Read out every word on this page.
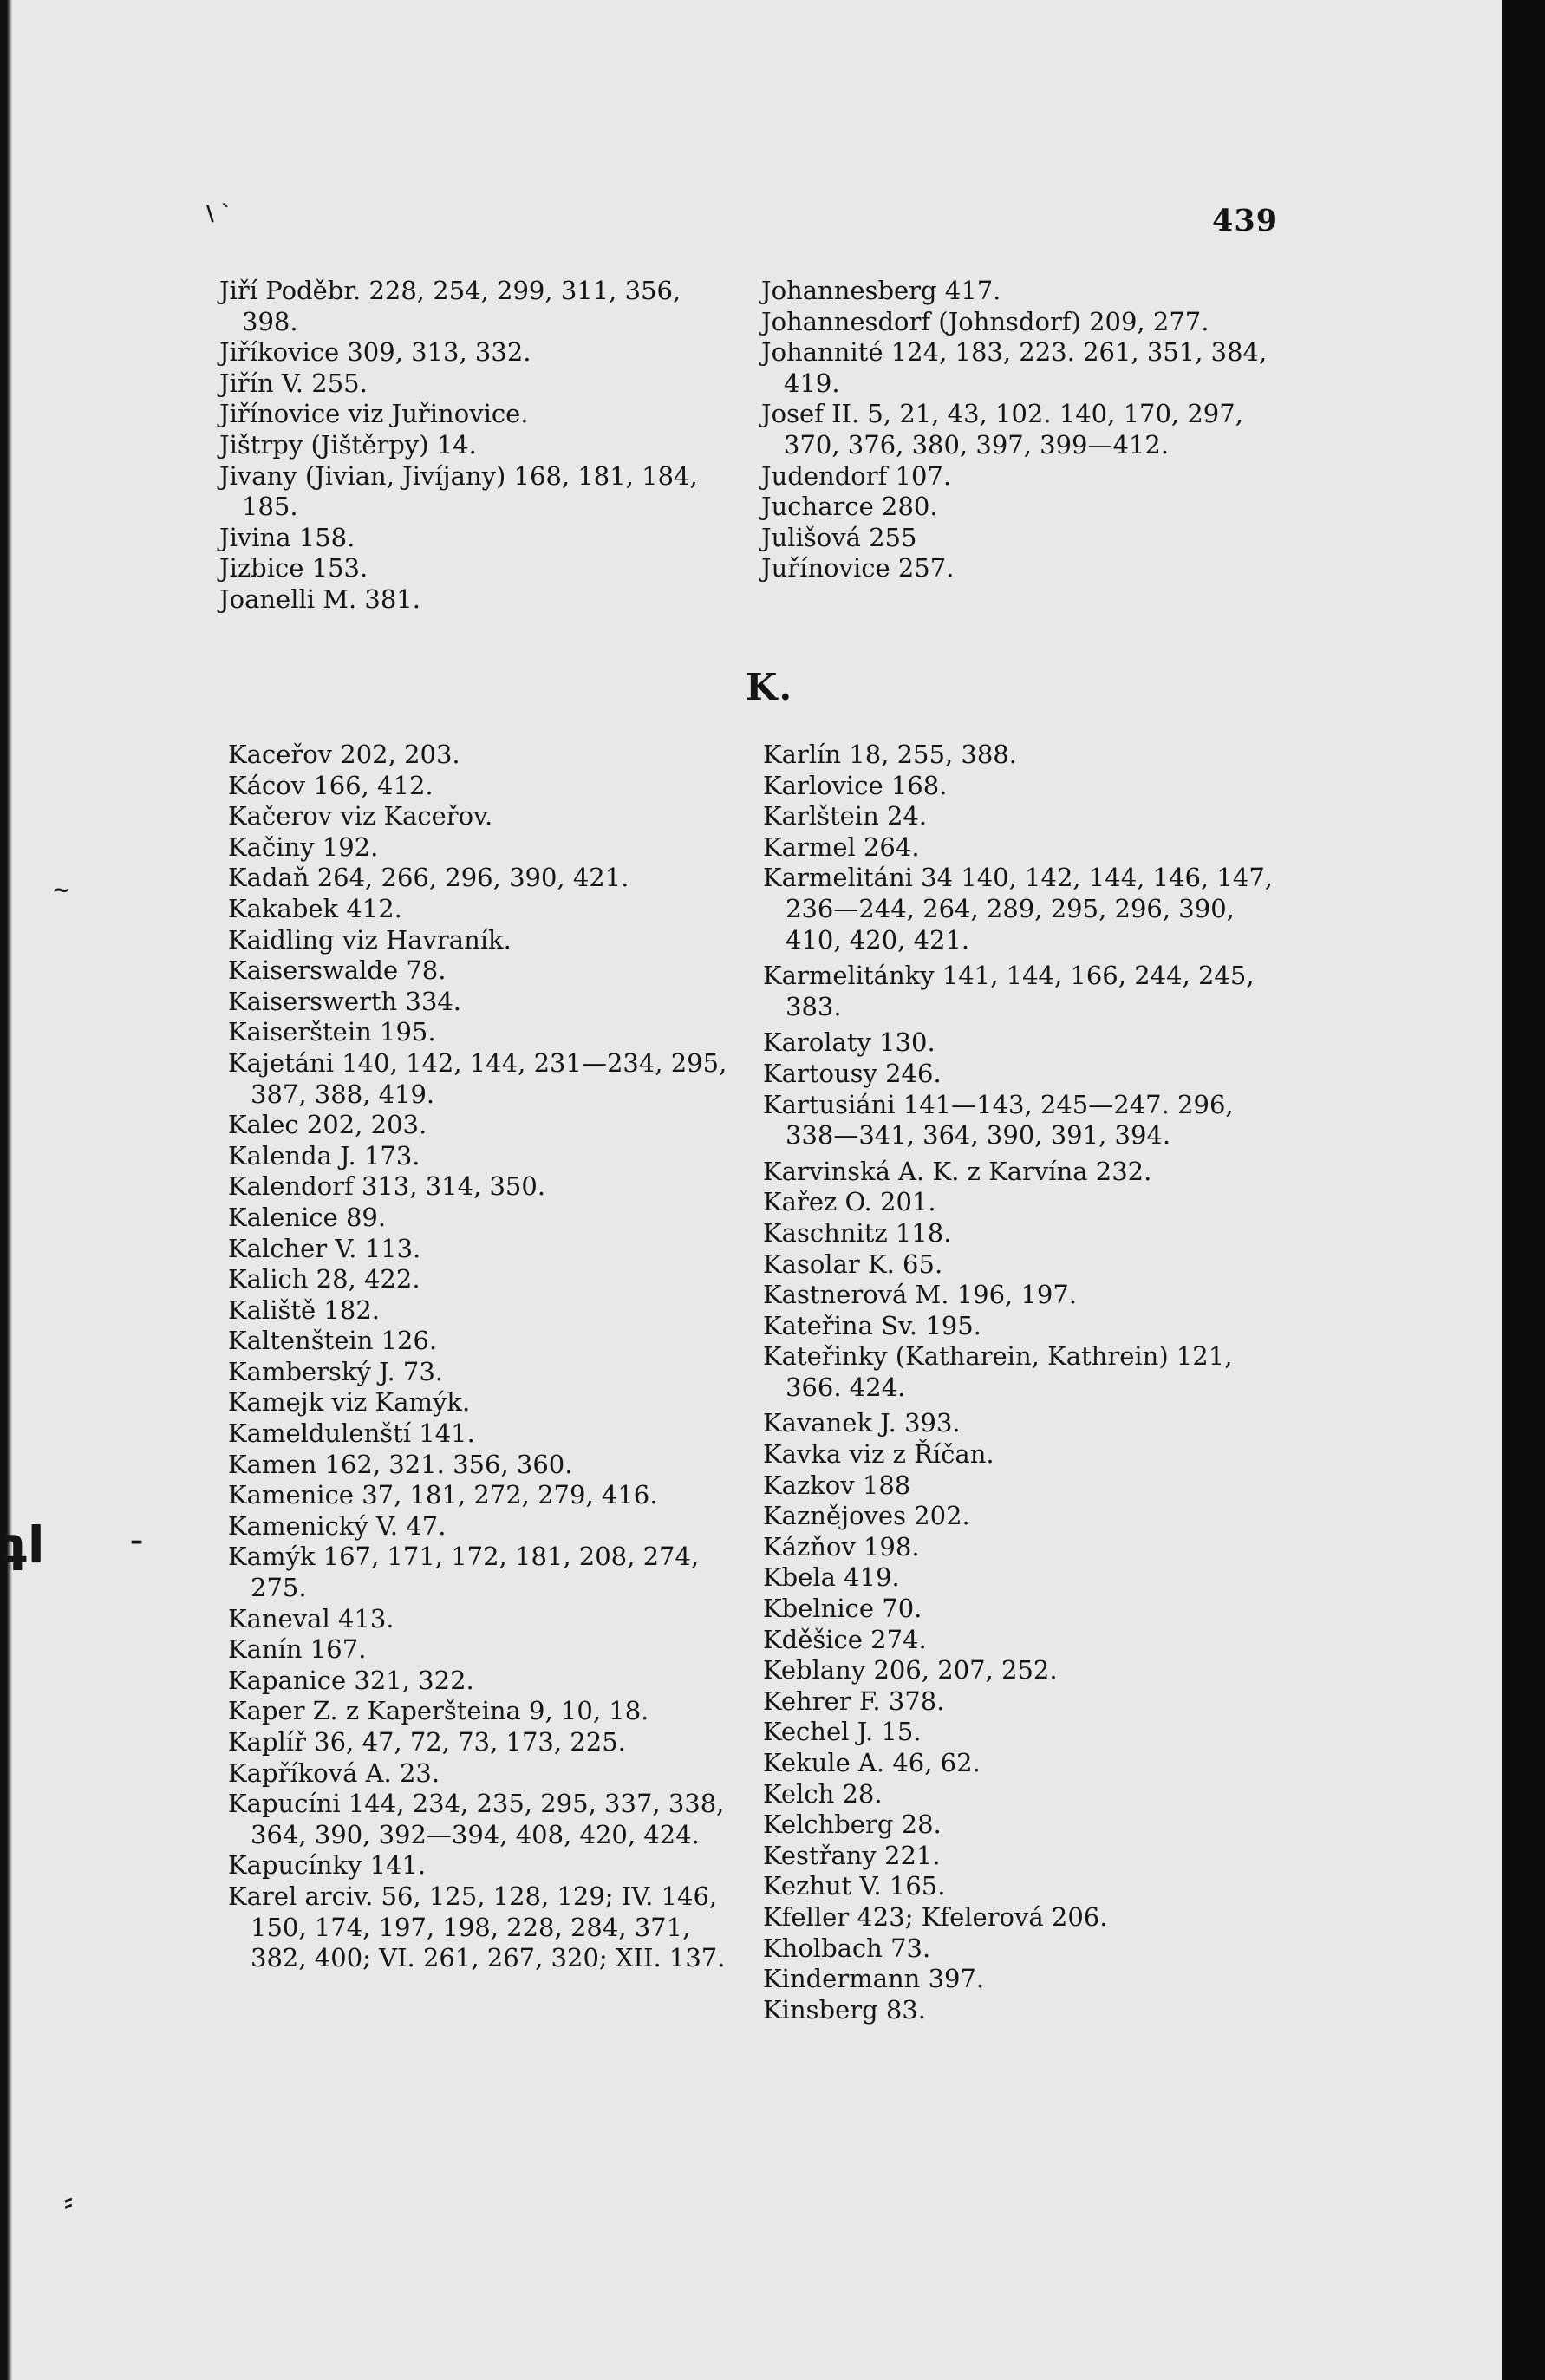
\ `
~
ʇl	–
⸗
439

Jiří Poděbr. 228, 254, 299, 311, 356, 398.

Jiříkovice 309, 313, 332.

Jiřín V. 255.

Jiřínovice viz Juřinovice.

Jištrpy (Jištěrpy) 14.

Jivany (Jivian, Jivíjany) 168, 181, 184, 185.

Jivina 158.

Jizbice 153.

Joanelli M. 381.

Johannesberg 417.

Johannesdorf (Johnsdorf) 209, 277.

Johannité 124, 183, 223. 261, 351, 384, 419.

Josef II. 5, 21, 43, 102. 140, 170, 297, 370, 376, 380, 397, 399—412.

Judendorf 107.

Jucharce 280.

Julišová 255

Juřínovice 257.

K.

Kaceřov 202, 203.

Kácov 166, 412.

Kačerov viz Kaceřov.

Kačiny 192.

Kadaň 264, 266, 296, 390, 421.

Kakabek 412.

Kaidling viz Havraník.

Kaiserswalde 78.

Kaiserswerth 334.

Kaiserštein 195.

Kajetáni 140, 142, 144, 231—234, 295, 387, 388, 419.

Kalec 202, 203.

Kalenda J. 173.

Kalendorf 313, 314, 350.

Kalenice 89.

Kalcher V. 113.

Kalich 28, 422.

Kaliště 182.

Kaltenštein 126.

Kamberský J. 73.

Kamejk viz Kamýk.

Kameldulenští 141.

Kamen 162, 321. 356, 360.

Kamenice 37, 181, 272, 279, 416.

Kamenický V. 47.

Kamýk 167, 171, 172, 181, 208, 274, 275.

Kaneval 413.

Kanín 167.

Kapanice 321, 322.

Kaper Z. z Kaperšteina 9, 10, 18.

Kaplíř 36, 47, 72, 73, 173, 225.

Kapříková A. 23.

Kapucíni 144, 234, 235, 295, 337, 338, 364, 390, 392—394, 408, 420, 424.

Kapucínky 141.

Karel arciv. 56, 125, 128, 129; IV. 146, 150, 174, 197, 198, 228, 284, 371, 382, 400; VI. 261, 267, 320; XII. 137.

Karlín 18, 255, 388.

Karlovice 168.

Karlštein 24.

Karmel 264.

Karmelitáni 34 140, 142, 144, 146, 147, 236—244, 264, 289, 295, 296, 390, 410, 420, 421.

Karmelitánky 141, 144, 166, 244, 245, 383.

Karolaty 130.

Kartousy 246.

Kartusiáni 141—143, 245—247. 296, 338—341, 364, 390, 391, 394.

Karvinská A. K. z Karvína 232.

Kařez O. 201.

Kaschnitz 118.

Kasolar K. 65.

Kastnerová M. 196, 197.

Kateřina Sv. 195.

Kateřinky (Katharein, Kathrein) 121, 366. 424.

Kavanek J. 393.

Kavka viz z Říčan.

Kazkov 188

Kaznějoves 202.

Kázňov 198.

Kbela 419.

Kbelnice 70.

Kděšice 274.

Keblany 206, 207, 252.

Kehrer F. 378.

Kechel J. 15.

Kekule A. 46, 62.

Kelch 28.

Kelchberg 28.

Kestřany 221.

Kezhut V. 165.

Kfeller 423; Kfelerová 206.

Kholbach 73.

Kindermann 397.

Kinsberg 83.
